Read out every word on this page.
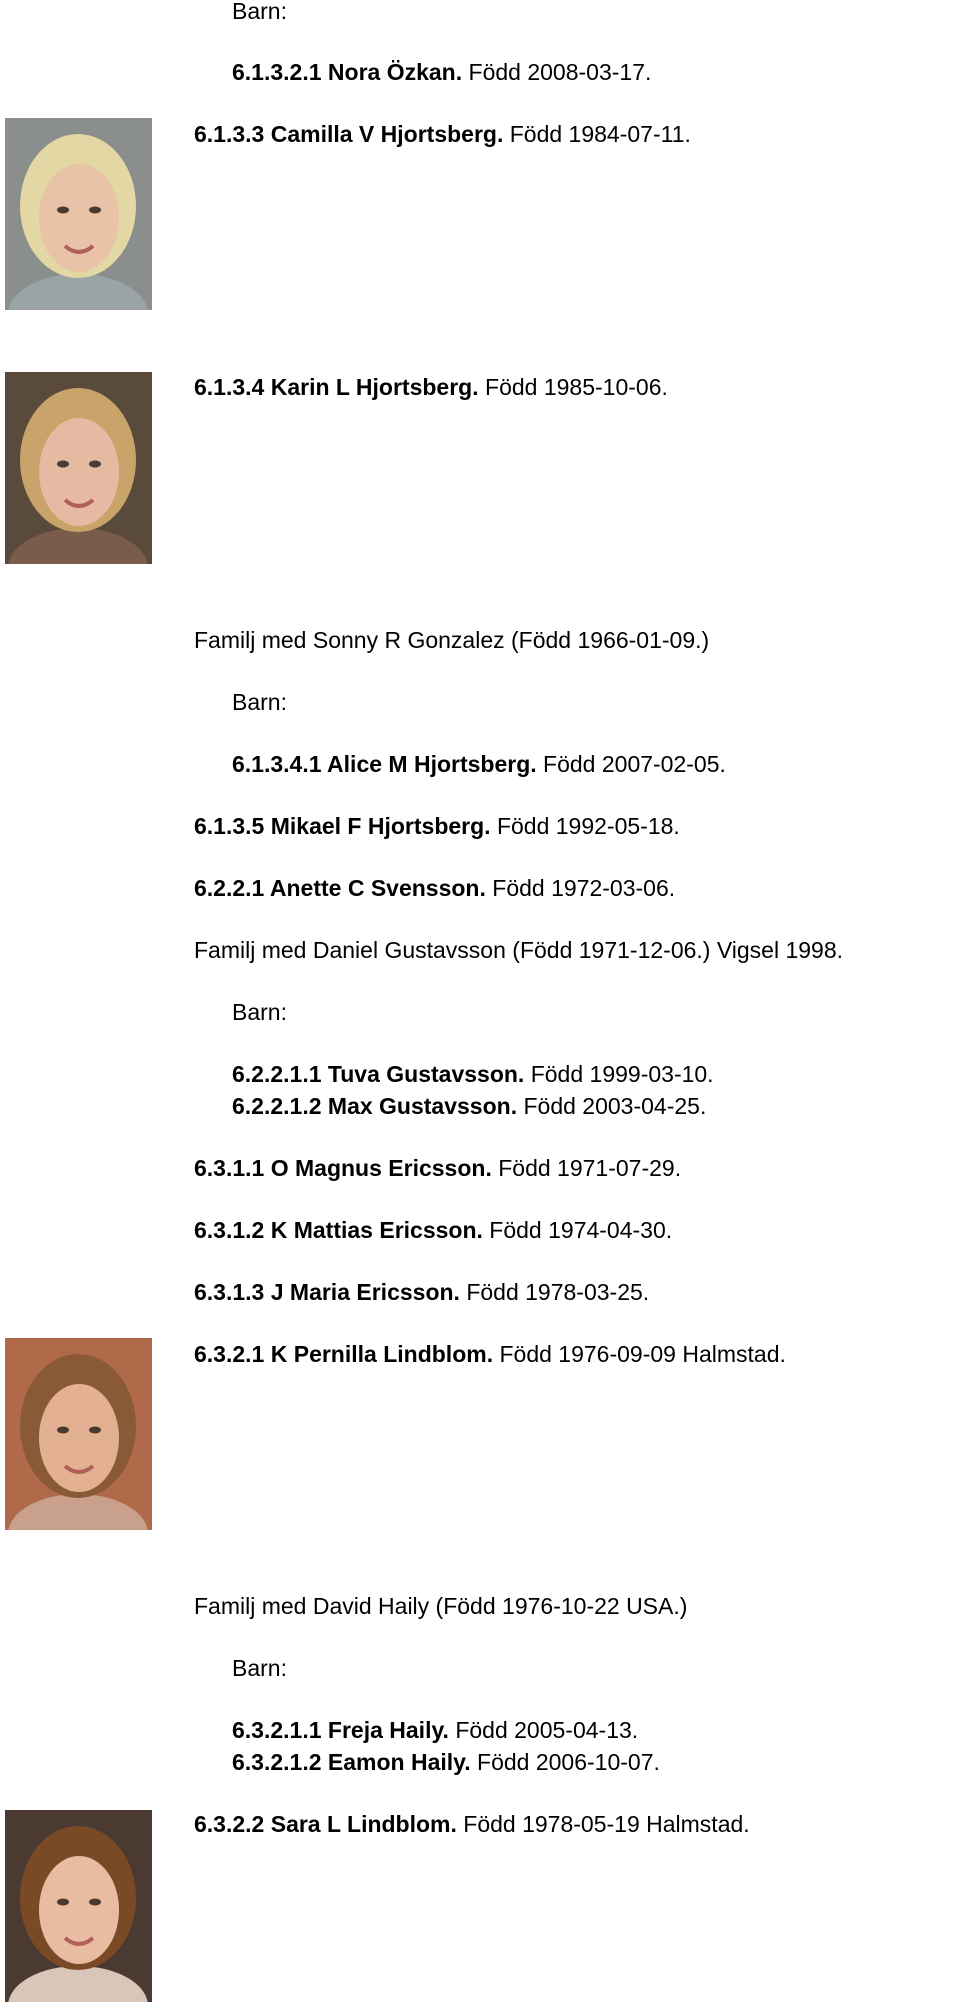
Barn:
6.1.3.2.1 Nora Özkan. Född 2008-03-17.
6.1.3.3 Camilla V Hjortsberg. Född 1984-07-11.
6.1.3.4 Karin L Hjortsberg. Född 1985-10-06.
Familj med Sonny R Gonzalez (Född 1966-01-09.)
Barn:
6.1.3.4.1 Alice M Hjortsberg. Född 2007-02-05.
6.1.3.5 Mikael F Hjortsberg. Född 1992-05-18.
6.2.2.1 Anette C Svensson. Född 1972-03-06.
Familj med Daniel Gustavsson (Född 1971-12-06.) Vigsel 1998.
Barn:
6.2.2.1.1 Tuva Gustavsson. Född 1999-03-10.
6.2.2.1.2 Max Gustavsson. Född 2003-04-25.
6.3.1.1 O Magnus Ericsson. Född 1971-07-29.
6.3.1.2 K Mattias Ericsson. Född 1974-04-30.
6.3.1.3 J Maria Ericsson. Född 1978-03-25.
6.3.2.1 K Pernilla Lindblom. Född 1976-09-09 Halmstad.
Familj med David Haily (Född 1976-10-22 USA.)
Barn:
6.3.2.1.1 Freja Haily. Född 2005-04-13.
6.3.2.1.2 Eamon Haily. Född 2006-10-07.
6.3.2.2 Sara L Lindblom. Född 1978-05-19 Halmstad.
